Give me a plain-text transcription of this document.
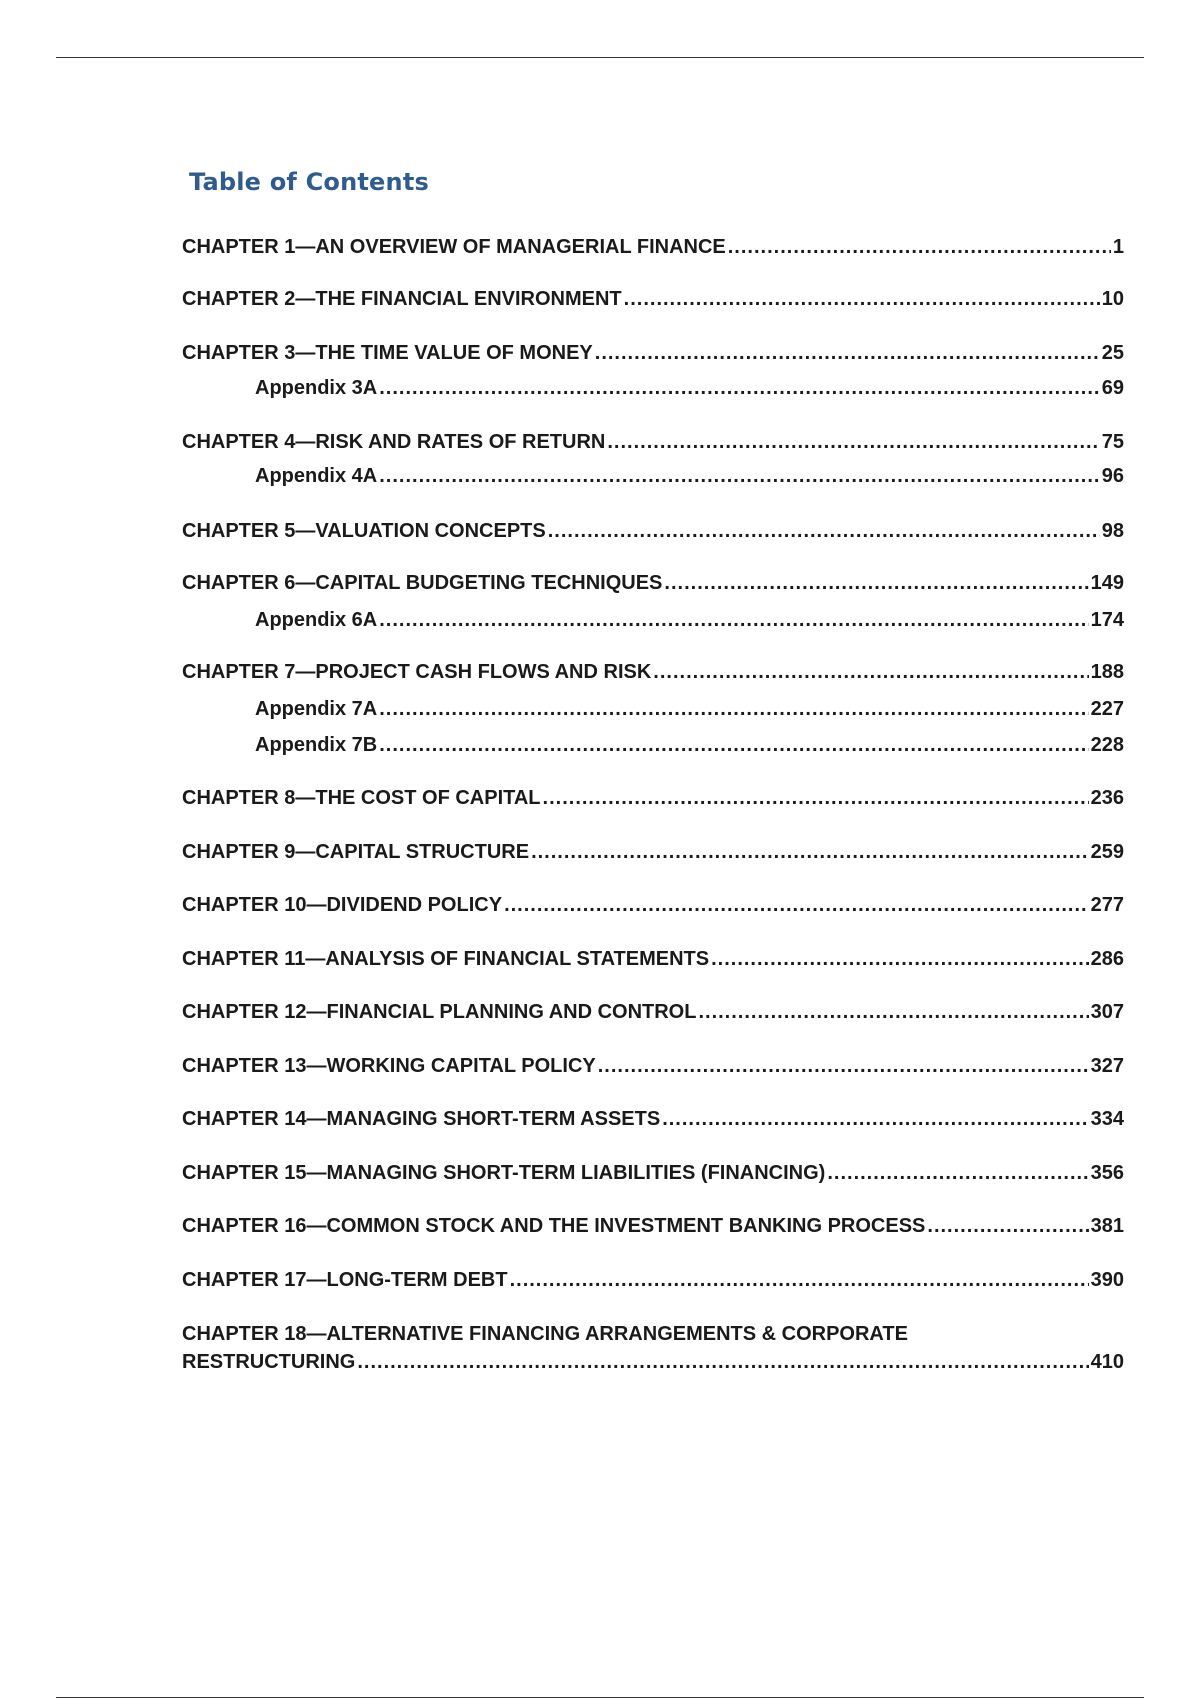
Table of Contents
CHAPTER 1—AN OVERVIEW OF MANAGERIAL FINANCE .....	1
CHAPTER 2—THE FINANCIAL ENVIRONMENT .....	10
CHAPTER 3—THE TIME VALUE OF MONEY .....	25
Appendix 3A .....	69
CHAPTER 4—RISK AND RATES OF RETURN .....	75
Appendix 4A .....	96
CHAPTER 5—VALUATION CONCEPTS .....	98
CHAPTER 6—CAPITAL BUDGETING TECHNIQUES .....	149
Appendix 6A .....	174
CHAPTER 7—PROJECT CASH FLOWS AND RISK .....	188
Appendix 7A .....	227
Appendix 7B .....	228
CHAPTER 8—THE COST OF CAPITAL .....	236
CHAPTER 9—CAPITAL STRUCTURE .....	259
CHAPTER 10—DIVIDEND POLICY .....	277
CHAPTER 11—ANALYSIS OF FINANCIAL STATEMENTS .....	286
CHAPTER 12—FINANCIAL PLANNING AND CONTROL .....	307
CHAPTER 13—WORKING CAPITAL POLICY .....	327
CHAPTER 14—MANAGING SHORT-TERM ASSETS .....	334
CHAPTER 15—MANAGING SHORT-TERM LIABILITIES (FINANCING) .....	356
CHAPTER 16—COMMON STOCK AND THE INVESTMENT BANKING PROCESS .....	381
CHAPTER 17—LONG-TERM DEBT .....	390
CHAPTER 18—ALTERNATIVE FINANCING ARRANGEMENTS & CORPORATE
RESTRUCTURING .....	410
